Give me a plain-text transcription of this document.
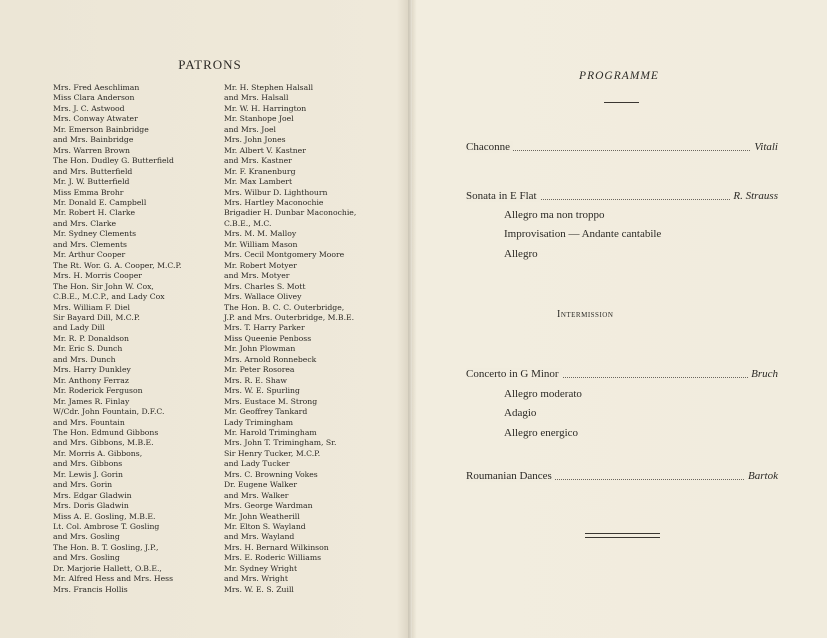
PATRONS
Mrs. Fred Aeschliman
Miss Clara Anderson
Mrs. J. C. Astwood
Mrs. Conway Atwater
Mr. Emerson Bainbridge
and Mrs. Bainbridge
Mrs. Warren Brown
The Hon. Dudley G. Butterfield
and Mrs. Butterfield
Mr. J. W. Butterfield
Miss Emma Brohr
Mr. Donald E. Campbell
Mr. Robert H. Clarke
and Mrs. Clarke
Mr. Sydney Clements
and Mrs. Clements
Mr. Arthur Cooper
The Rt. Wor. G. A. Cooper, M.C.P.
Mrs. H. Morris Cooper
The Hon. Sir John W. Cox,
C.B.E., M.C.P., and Lady Cox
Mrs. William F. Diel
Sir Bayard Dill, M.C.P.
and Lady Dill
Mr. R. P. Donaldson
Mr. Eric S. Dunch
and Mrs. Dunch
Mrs. Harry Dunkley
Mr. Anthony Ferraz
Mr. Roderick Ferguson
Mr. James R. Finlay
W/Cdr. John Fountain, D.F.C.
and Mrs. Fountain
The Hon. Edmund Gibbons
and Mrs. Gibbons, M.B.E.
Mr. Morris A. Gibbons,
and Mrs. Gibbons
Mr. Lewis J. Gorin
and Mrs. Gorin
Mrs. Edgar Gladwin
Mrs. Doris Gladwin
Miss A. E. Gosling, M.B.E.
Lt. Col. Ambrose T. Gosling
and Mrs. Gosling
The Hon. B. T. Gosling, J.P.,
and Mrs. Gosling
Dr. Marjorie Hallett, O.B.E.,
Mr. Alfred Hess and Mrs. Hess
Mrs. Francis Hollis
Mr. H. Stephen Halsall
and Mrs. Halsall
Mr. W. H. Harrington
Mr. Stanhope Joel
and Mrs. Joel
Mrs. John Jones
Mr. Albert V. Kastner
and Mrs. Kastner
Mr. F. Kranenburg
Mr. Max Lambert
Mrs. Wilbur D. Lighthourn
Mrs. Hartley Maconochie
Brigadier H. Dunbar Maconochie,
C.B.E., M.C.
Mrs. M. M. Malloy
Mr. William Mason
Mrs. Cecil Montgomery Moore
Mr. Robert Motyer
and Mrs. Motyer
Mrs. Charles S. Mott
Mrs. Wallace Olivey
The Hon. B. C. C. Outerbridge,
J.P. and Mrs. Outerbridge, M.B.E.
Mrs. T. Harry Parker
Miss Queenie Penboss
Mr. John Plowman
Mrs. Arnold Ronnebeck
Mr. Peter Rosorea
Mrs. R. E. Shaw
Mrs. W. E. Spurling
Mrs. Eustace M. Strong
Mr. Geoffrey Tankard
Lady Trimingham
Mr. Harold Trimingham
Mrs. John T. Trimingham, Sr.
Sir Henry Tucker, M.C.P.
and Lady Tucker
Mrs. C. Browning Vokes
Dr. Eugene Walker
and Mrs. Walker
Mrs. George Wardman
Mr. John Weatherill
Mr. Elton S. Wayland
and Mrs. Wayland
Mrs. H. Bernard Wilkinson
Mrs. E. Roderic Williams
Mr. Sydney Wright
and Mrs. Wright
Mrs. W. E. S. Zuill
PROGRAMME
Chaconne	Vitali
Sonata in E Flat	R. Strauss
Allegro ma non troppo
Improvisation — Andante cantabile
Allegro
Intermission
Concerto in G Minor	Bruch
Allegro moderato
Adagio
Allegro energico
Roumanian Dances	Bartok
